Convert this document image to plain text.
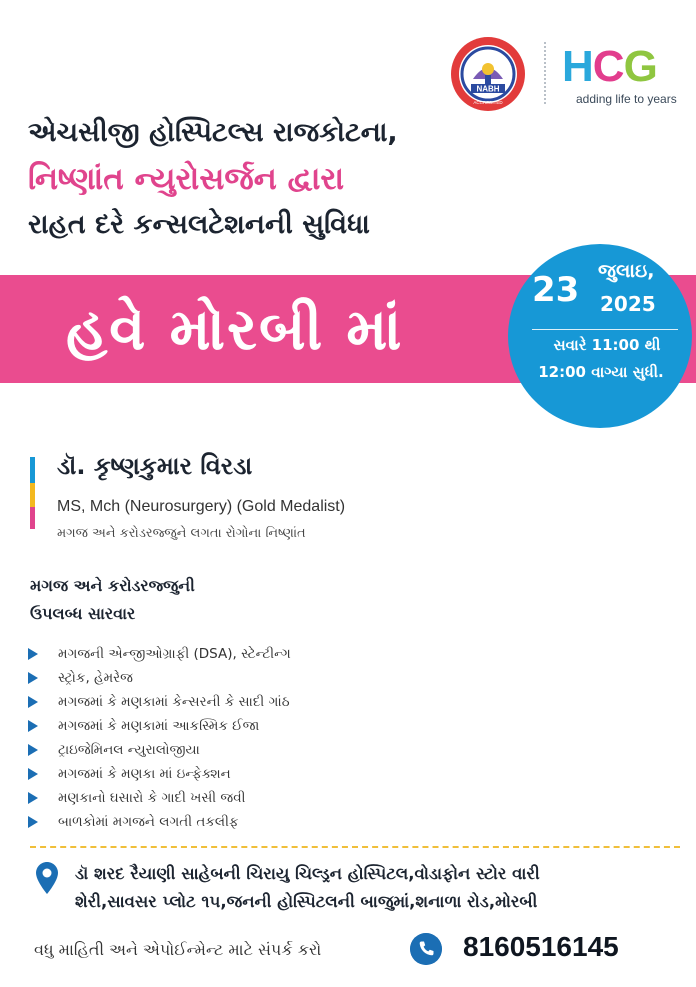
NABH
ACCREDITED
HCG
adding life to years
એચસીજી હોસ્પિટલ્સ રાજકોટના,
નિષ્ણાંત ન્યુરોસર્જન દ્વારા
રાહત દરે કન્સલટેશનની સુવિધા
હવે મોરબી માં
23 જુલાઇ,
2025
સવારે 11:00 થી
12:00 વાગ્યા સુધી.
ડૉ. કૃષ્ણકુમાર વિરડા
MS, Mch (Neurosurgery) (Gold Medalist)
મગજ અને કરોડરજ્જુને લગતા રોગોના નિષ્ણાંત
મગજ અને કરોડરજ્જુની
ઉપલબ્ધ સારવાર
મગજની એન્જીઓગ્રાફી (DSA), સ્ટેન્ટીન્ગ
સ્ટ્રોક, હેમરેજ
મગજમાં કે મણકામાં કેન્સરની કે સાદી ગાંઠ
મગજમાં કે મણકામાં આકસ્મિક ઈજા
ટ્રાઇજેમિનલ ન્યુરાલોજીયા
મગજમાં કે મણકા માં ઇન્ફેક્શન
મણકાનો ઘસારો કે ગાદી ખસી જવી
બાળકોમાં મગજને લગતી તકલીફ
ડૉ શરદ રૈયાણી સાહેબની ચિરાયુ ચિલ્ડ્રન હોસ્પિટલ,વોડાફોન સ્ટોર વારી
શેરી,સાવસર પ્લોટ ૧૫,જનની હોસ્પિટલની બાજુમાં,શનાળા રોડ,મોરબી
વધુ માહિતી અને એપોઈન્મેન્ટ માટે સંપર્ક કરો	8160516145
